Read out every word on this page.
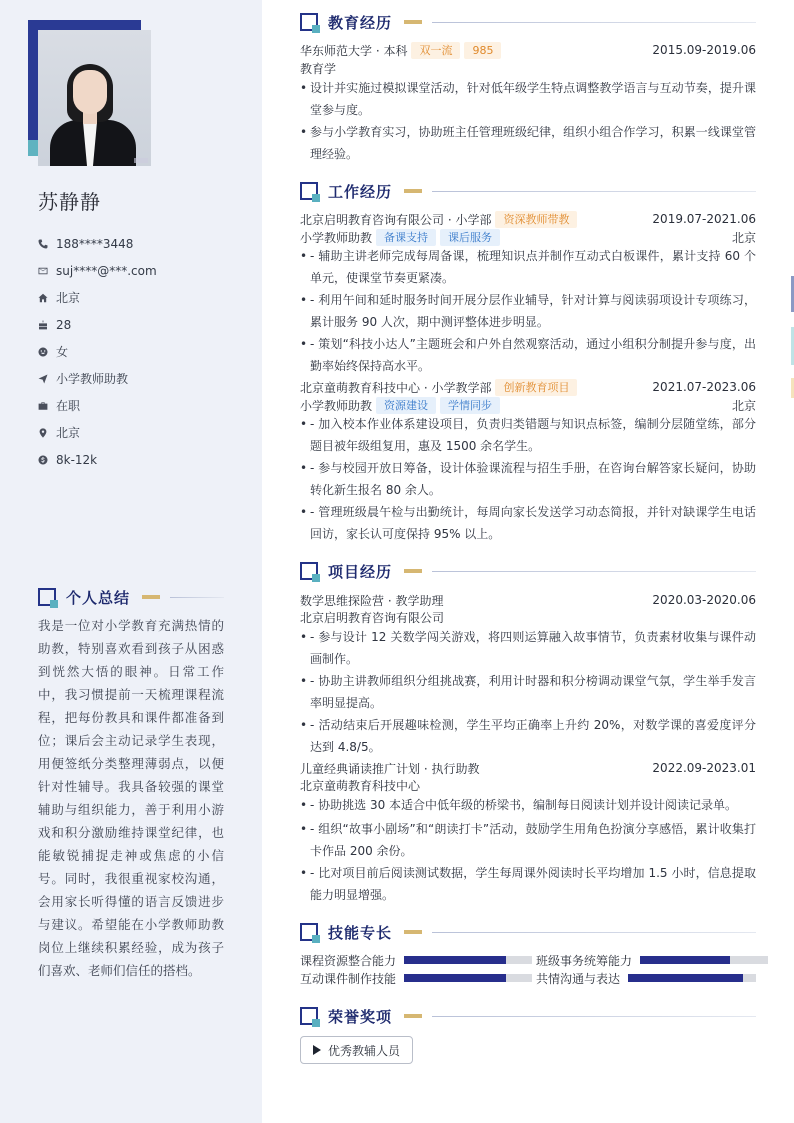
苏静静
188****3448
suj****@***.com
北京
28
女
小学教师助教
在职
北京
8k-12k
个人总结
我是一位对小学教育充满热情的助教，特别喜欢看到孩子从困惑到恍然大悟的眼神。日常工作中，我习惯提前一天梳理课程流程，把每份教具和课件都准备到位；课后会主动记录学生表现，用便签纸分类整理薄弱点，以便针对性辅导。我具备较强的课堂辅助与组织能力，善于利用小游戏和积分激励维持课堂纪律，也能敏锐捕捉走神或焦虑的小信号。同时，我很重视家校沟通，会用家长听得懂的语言反馈进步与建议。希望能在小学教师助教岗位上继续积累经验，成为孩子们喜欢、老师们信任的搭档。
教育经历
华东师范大学 · 本科	双一流	985	2015.09-2019.06
教育学
• 设计并实施过模拟课堂活动，针对低年级学生特点调整教学语言与互动节奏，提升课堂参与度。
• 参与小学教育实习，协助班主任管理班级纪律，组织小组合作学习，积累一线课堂管理经验。
工作经历
北京启明教育咨询有限公司 · 小学部	资深教师带教	2019.07-2021.06
小学教师助教	备课支持	课后服务	北京
• - 辅助主讲老师完成每周备课，梳理知识点并制作互动式白板课件，累计支持 60 个单元，使课堂节奏更紧凑。
• - 利用午间和延时服务时间开展分层作业辅导，针对计算与阅读弱项设计专项练习，累计服务 90 人次，期中测评整体进步明显。
• - 策划“科技小达人”主题班会和户外自然观察活动，通过小组积分制提升参与度，出勤率始终保持高水平。
北京童萌教育科技中心 · 小学教学部	创新教育项目	2021.07-2023.06
小学教师助教	资源建设	学情同步	北京
• - 加入校本作业体系建设项目，负责归类错题与知识点标签，编制分层随堂练，部分题目被年级组复用，惠及 1500 余名学生。
• - 参与校园开放日筹备，设计体验课流程与招生手册，在咨询台解答家长疑问，协助转化新生报名 80 余人。
• - 管理班级晨午检与出勤统计，每周向家长发送学习动态简报，并针对缺课学生电话回访，家长认可度保持 95% 以上。
项目经历
数学思维探险营 · 教学助理	2020.03-2020.06
北京启明教育咨询有限公司
• - 参与设计 12 关数学闯关游戏，将四则运算融入故事情节，负责素材收集与课件动画制作。
• - 协助主讲教师组织分组挑战赛，利用计时器和积分榜调动课堂气氛，学生举手发言率明显提高。
• - 活动结束后开展趣味检测，学生平均正确率上升约 20%，对数学课的喜爱度评分达到 4.8/5。
儿童经典诵读推广计划 · 执行助教	2022.09-2023.01
北京童萌教育科技中心
• - 协助挑选 30 本适合中低年级的桥梁书，编制每日阅读计划并设计阅读记录单。
• - 组织“故事小剧场”和“朗读打卡”活动，鼓励学生用角色扮演分享感悟，累计收集打卡作品 200 余份。
• - 比对项目前后阅读测试数据，学生每周课外阅读时长平均增加 1.5 小时，信息提取能力明显增强。
技能专长
课程资源整合能力	班级事务统筹能力
互动课件制作技能	共情沟通与表达
荣誉奖项
优秀教辅人员
